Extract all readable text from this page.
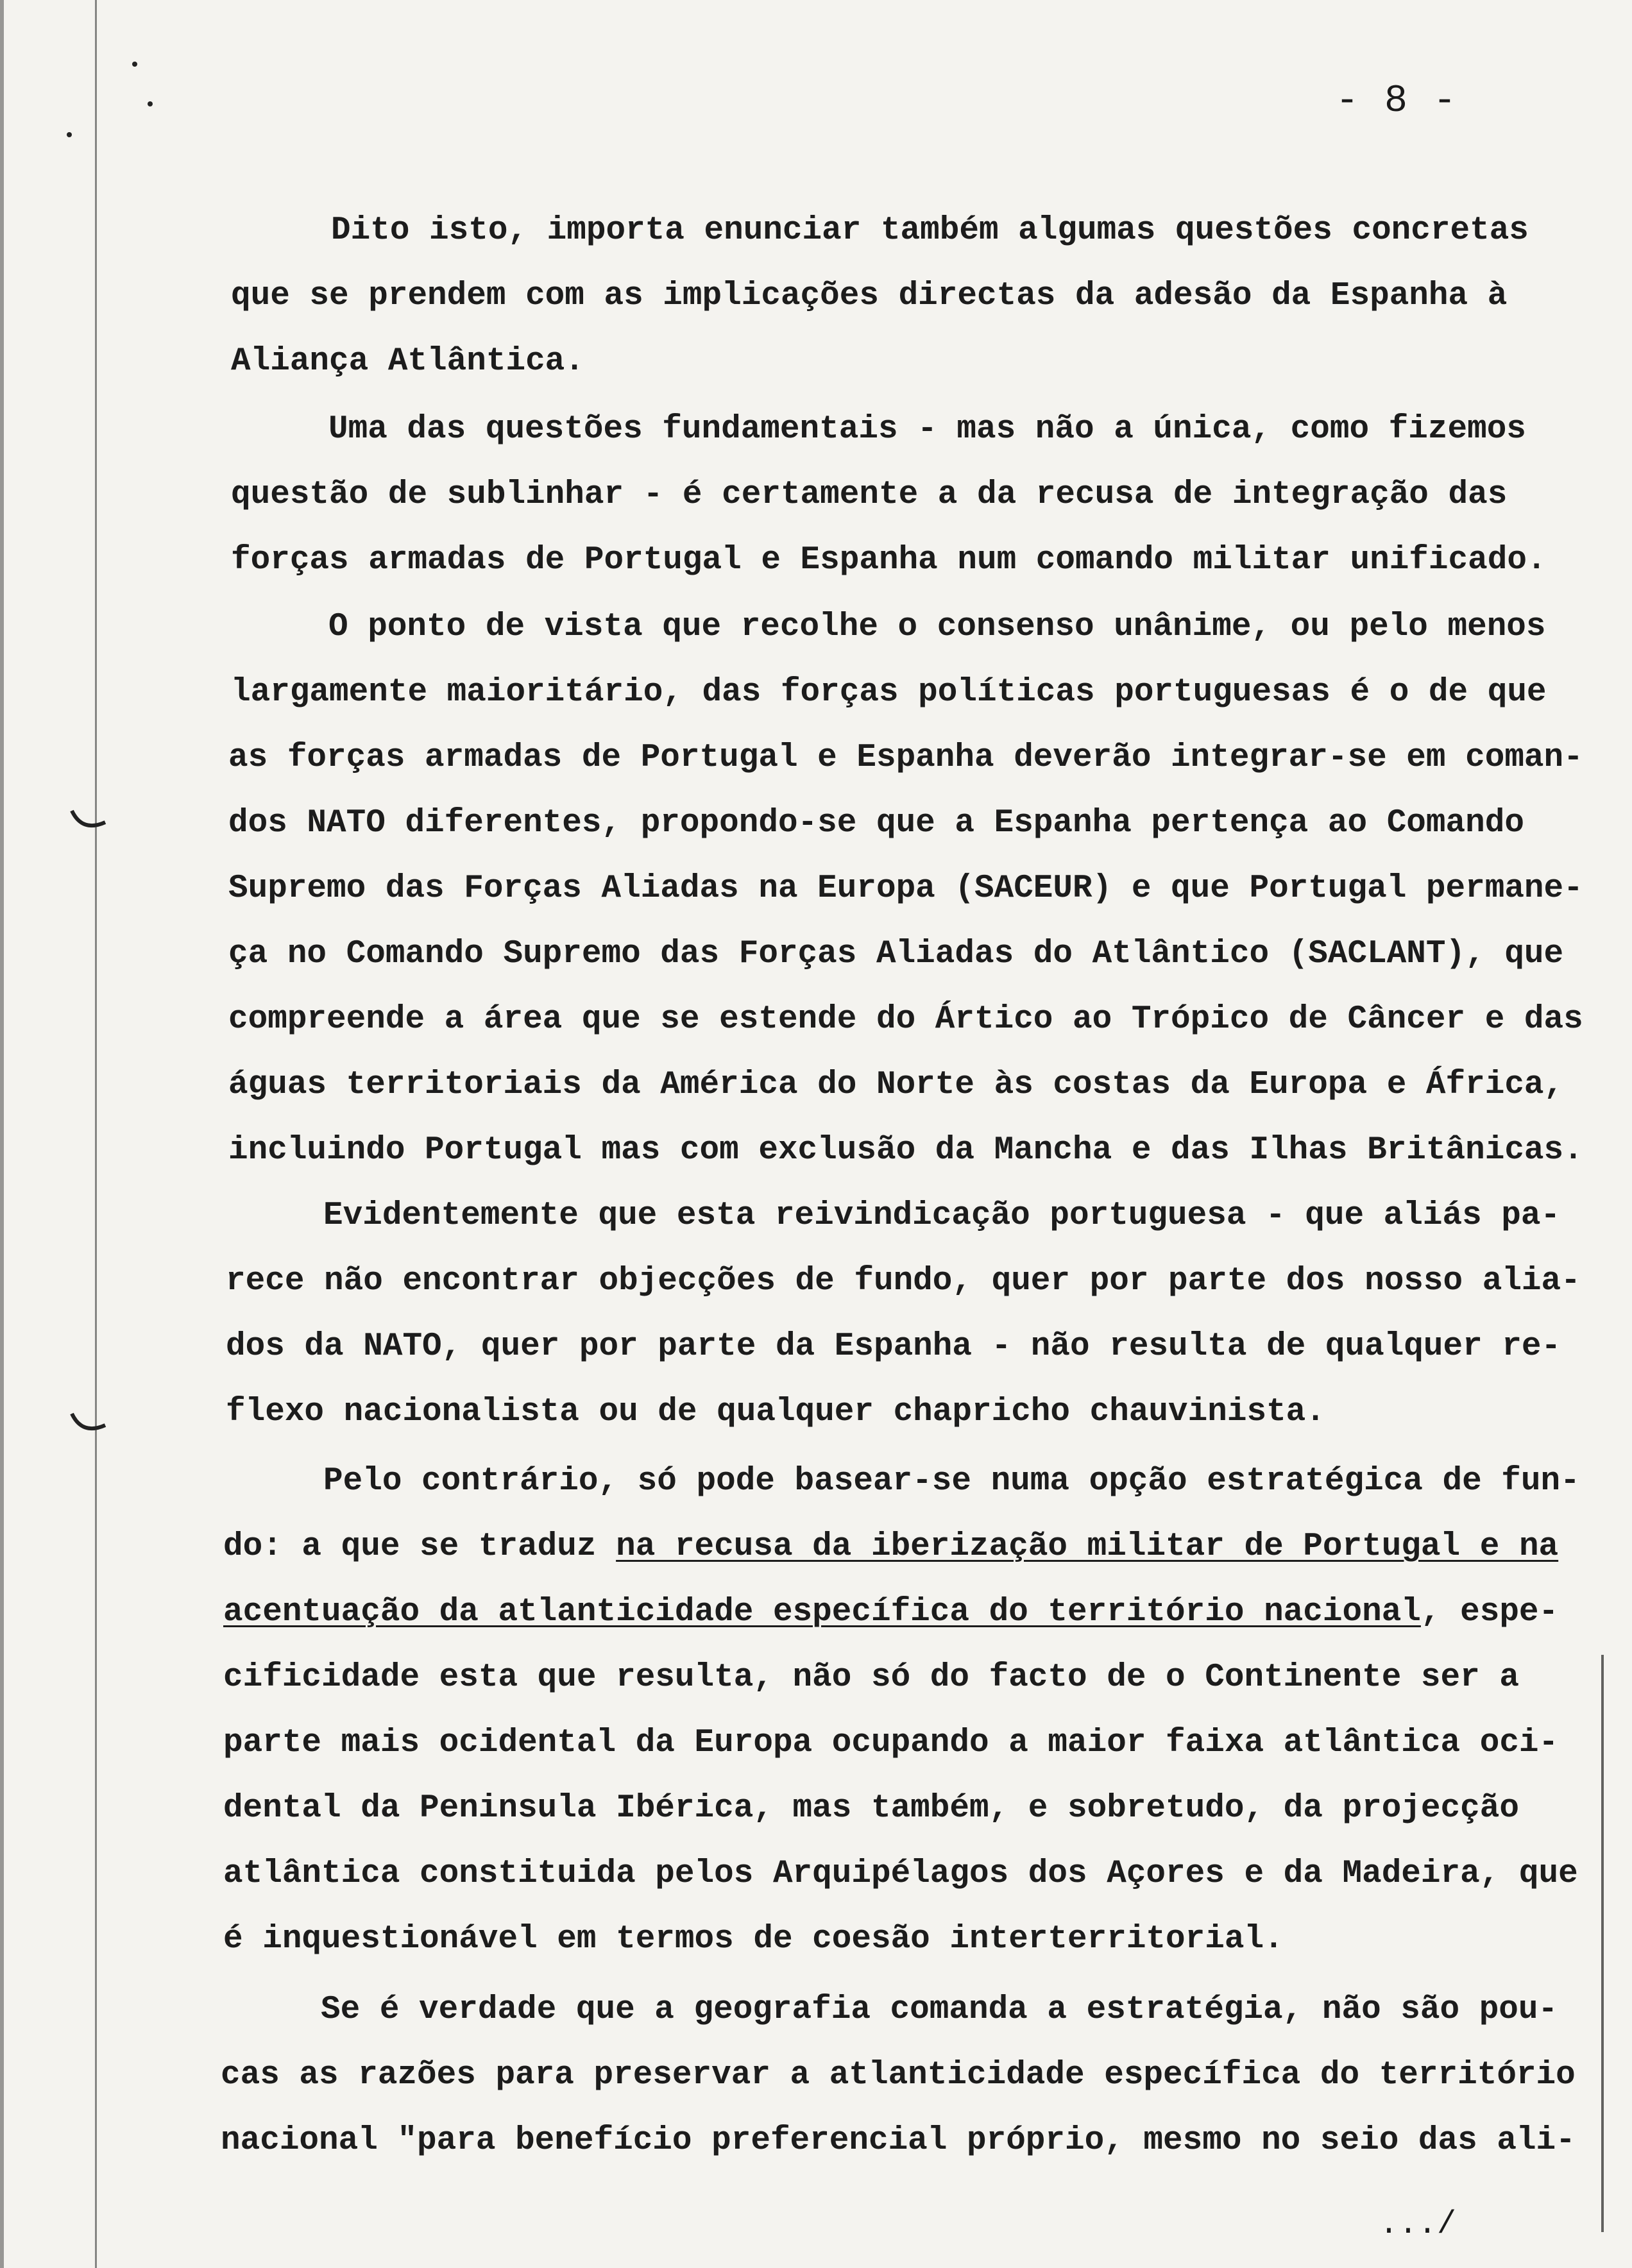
- 8 -
Dito isto, importa enunciar também algumas questões concretas
que se prendem com as implicações directas da adesão da Espanha à
Aliança Atlântica.
Uma das questões fundamentais - mas não a única, como fizemos
questão de sublinhar - é certamente a da recusa de integração das
forças armadas de Portugal e Espanha num comando militar unificado.
O ponto de vista que recolhe o consenso unânime, ou pelo menos
largamente maioritário, das forças políticas portuguesas é o de que
as forças armadas de Portugal e Espanha deverão integrar-se em coman-
dos NATO diferentes, propondo-se que a Espanha pertença ao Comando
Supremo das Forças Aliadas na Europa (SACEUR) e que Portugal permane-
ça no Comando Supremo das Forças Aliadas do Atlântico (SACLANT), que
compreende a área que se estende do Ártico ao Trópico de Câncer e das
águas territoriais da América do Norte às costas da Europa e África,
incluindo Portugal mas com exclusão da Mancha e das Ilhas Britânicas.
Evidentemente que esta reivindicação portuguesa - que aliás pa-
rece não encontrar objecções de fundo, quer por parte dos nosso alia-
dos da NATO, quer por parte da Espanha - não resulta de qualquer re-
flexo nacionalista ou de qualquer chapricho chauvinista.
Pelo contrário, só pode basear-se numa opção estratégica de fun-
do: a que se traduz na recusa da iberização militar de Portugal e na
acentuação da atlanticidade específica do território nacional, espe-
cificidade esta que resulta, não só do facto de o Continente ser a
parte mais ocidental da Europa ocupando a maior faixa atlântica oci-
dental da Peninsula Ibérica, mas também, e sobretudo, da projecção
atlântica constituida pelos Arquipélagos dos Açores e da Madeira, que
é inquestionável em termos de coesão interterritorial.
Se é verdade que a geografia comanda a estratégia, não são pou-
cas as razões para preservar a atlanticidade específica do território
nacional "para benefício preferencial próprio, mesmo no seio das ali-
.../
